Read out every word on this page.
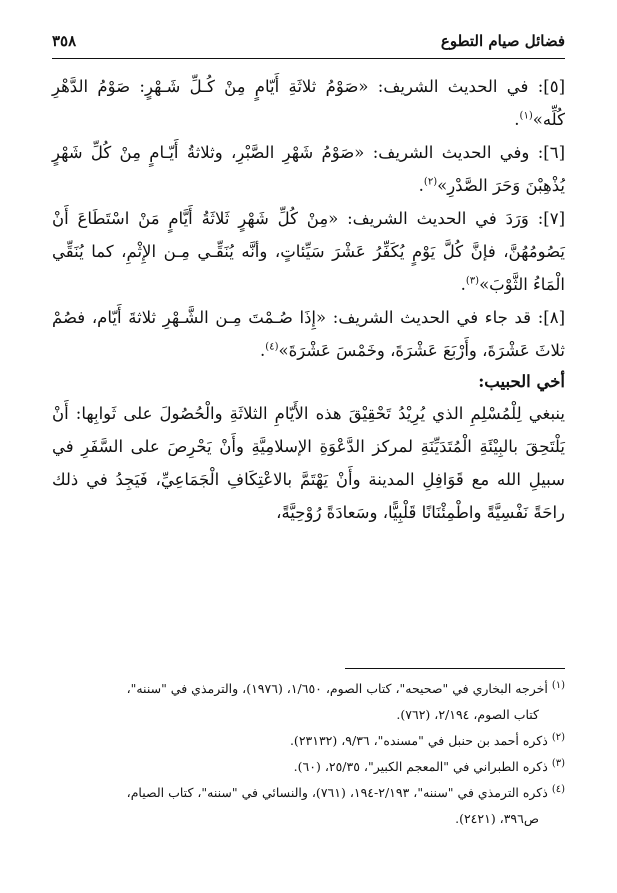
فضائل صيام التطوع
٣٥٨

[٥]: في الحديث الشريف: «صَوْمُ ثلاثَةِ أَيّامٍ مِنْ كُـلِّ شَـهْرٍ: صَوْمُ الدَّهْرِ كُلِّه»$^{(١)}$.

[٦]: وفي الحديث الشريف: «صَوْمُ شَهْرِ الصَّبْرِ، وثلاثةُ أَيّـامٍ مِنْ كُلِّ شَهْرٍ يُذْهِبْنَ وَحَرَ الصَّدْرِ»$^{(٢)}$.

[٧]: وَرَدَ في الحديث الشريف: «مِنْ كُلِّ شَهْرٍ ثَلاثَةُ أَيَّامٍ مَنْ اسْتَطَاعَ أَنْ يَصُومُهُنَّ، فإنَّ كُلَّ يَوْمٍ يُكَفِّرُ عَشْرَ سَيِّئاتٍ، وأنَّه يُنَقِّـي مِـن الإِثْمِ، كما يُنَقِّي الْمَاءُ الثَّوْبَ»$^{(٣)}$.

[٨]: قد جاء في الحديث الشريف: «إِذَا صُـمْتَ مِـن الشَّـهْرِ ثلاثةَ أَيّام، فصُمْ ثلاثَ عَشْرَةَ، وأَرْبَعَ عَشْرَةَ، وخَمْسَ عَشْرَةَ»$^{(٤)}$.

أخي الحبيب:

ينبغي لِلْمُسْلِمِ الذي يُرِيْدُ تَحْقِيْقَ هذه الأَيّامِ الثلاثَةِ والْحُصُولَ على ثَوابِها: أَنْ يَلْتَحِقَ بالبِيْئَةِ الْمُتَدَيِّنَةِ لمركز الدَّعْوَةِ الإسلامِيَّةِ وأَنْ يَحْرِصَ على السَّفَرِ في سبيلِ الله مع قَوَافِلِ المدينة وأَنْ يَهْتَمَّ بالاعْتِكَافِ الْجَمَاعِيِّ، فَيَجِدُ في ذلك راحَةً نَفْسِيَّةً واطْمِئْنَانًا قَلْبِيًّا، وسَعادَةً رُوْحِيَّةً،

$^{(١)}$ أخرجه البخاري في "صحيحه"، كتاب الصوم، ١/٦٥٠، (١٩٧٦)، والترمذي في "سننه"،
كتاب الصوم، ٢/١٩٤، (٧٦٢).

$^{(٢)}$ ذكره أحمد بن حنبل في "مسنده"، ٩/٣٦، (٢٣١٣٢).

$^{(٣)}$ ذكره الطبراني في "المعجم الكبير"، ٢٥/٣٥، (٦٠).

$^{(٤)}$ ذكره الترمذي في "سننه"، ٢/١٩٣-١٩٤، (٧٦١)، والنسائي في "سننه"، كتاب الصيام،
ص٣٩٦، (٢٤٢١).
